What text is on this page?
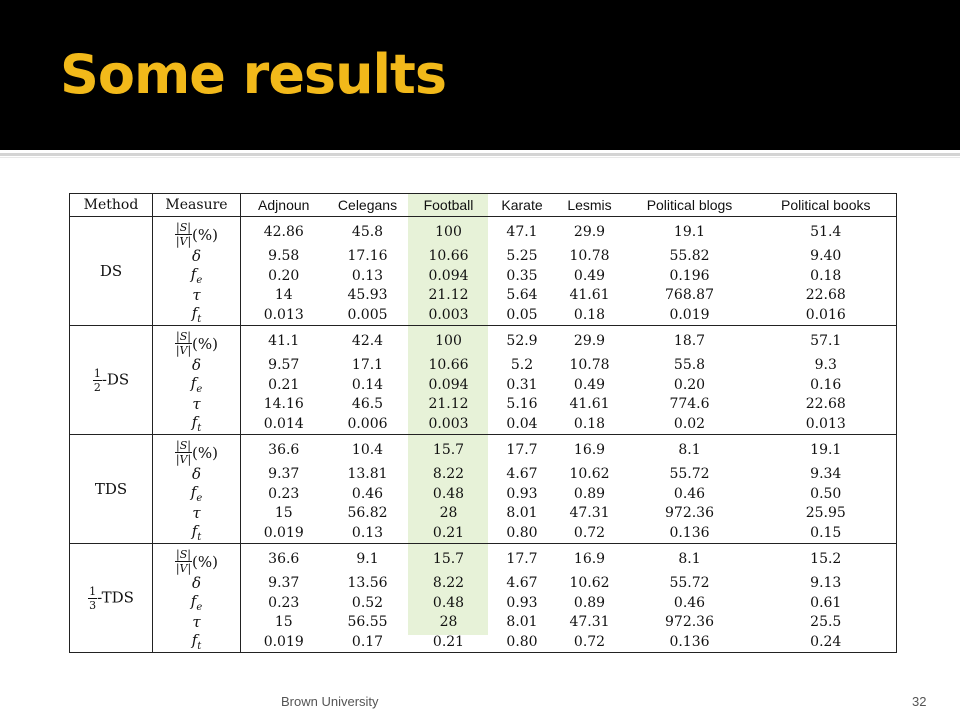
Some results
Method	Measure	Adjnoun	Celegans	Football	Karate	Lesmis	Political blogs	Political books
DS	$\frac{|S|}{|V|}$ (%)	42.86	45.8	100	47.1	29.9	19.1	51.4
	δ	9.58	17.16	10.66	5.25	10.78	55.82	9.40
	$f_e$	0.20	0.13	0.094	0.35	0.49	0.196	0.18
	τ	14	45.93	21.12	5.64	41.61	768.87	22.68
	$f_t$	0.013	0.005	0.003	0.05	0.18	0.019	0.016

$\frac{1}{2} -DS$	$\frac{|S|}{|V|}$ (%)	41.1	42.4	100	52.9	29.9	18.7	57.1
	δ	9.57	17.1	10.66	5.2	10.78	55.8	9.3
	$f_e$	0.21	0.14	0.094	0.31	0.49	0.20	0.16
	τ	14.16	46.5	21.12	5.16	41.61	774.6	22.68
	$f_t$	0.014	0.006	0.003	0.04	0.18	0.02	0.013
TDS	$\frac{|S|}{|V|}$ (%)	36.6	10.4	15.7	17.7	16.9	8.1	19.1
	δ	9.37	13.81	8.22	4.67	10.62	55.72	9.34
	$f_e$	0.23	0.46	0.48	0.93	0.89	0.46	0.50
	τ	15	56.82	28	8.01	47.31	972.36	25.95
	$f_t$	0.019	0.13	0.21	0.80	0.72	0.136	0.15

$\frac{1}{3} -TDS$	$\frac{|S|}{|V|}$ (%)	36.6	9.1	15.7	17.7	16.9	8.1	15.2
	δ	9.37	13.56	8.22	4.67	10.62	55.72	9.13
	$f_e$	0.23	0.52	0.48	0.93	0.89	0.46	0.61
	τ	15	56.55	28	8.01	47.31	972.36	25.5
	$f_t$	0.019	0.17	0.21	0.80	0.72	0.136	0.24
Brown University	32
